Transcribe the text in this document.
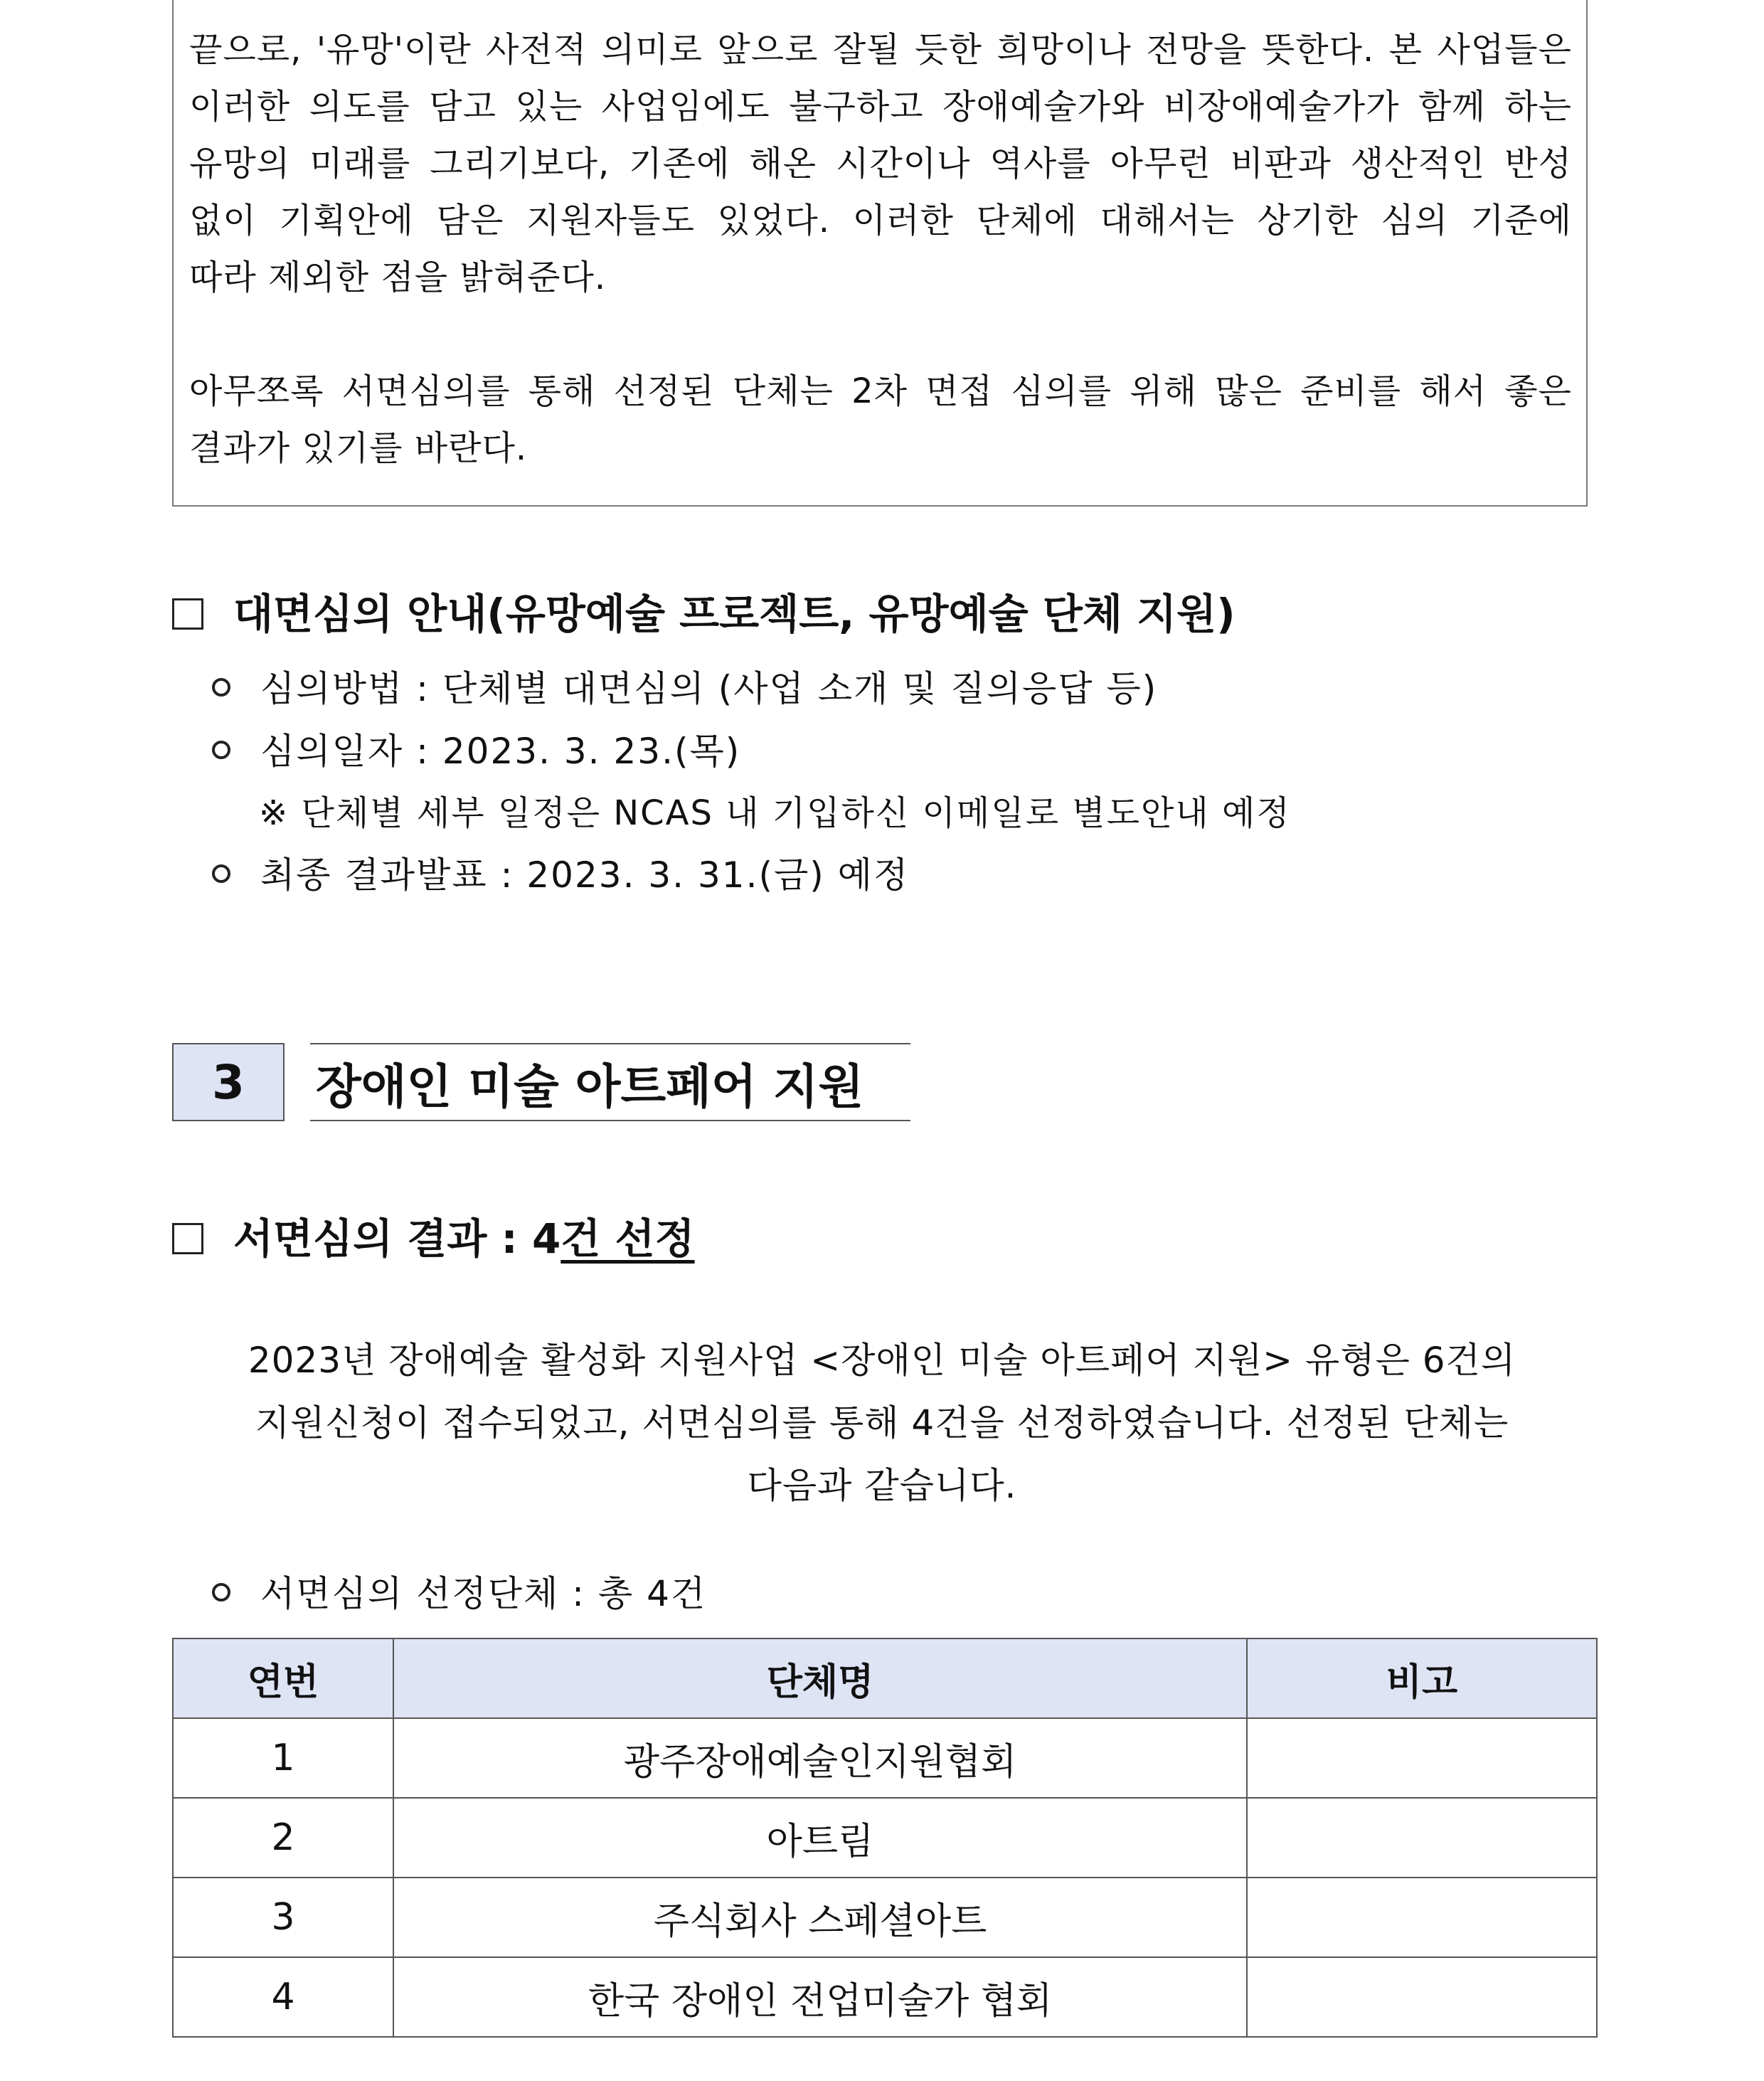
끝으로, '유망'이란 사전적 의미로 앞으로 잘될 듯한 희망이나 전망을 뜻한다. 본 사업들은
이러한 의도를 담고 있는 사업임에도 불구하고 장애예술가와 비장애예술가가 함께 하는
유망의 미래를 그리기보다, 기존에 해온 시간이나 역사를 아무런 비판과 생산적인 반성
없이 기획안에 담은 지원자들도 있었다. 이러한 단체에 대해서는 상기한 심의 기준에
따라 제외한 점을 밝혀준다.
아무쪼록 서면심의를 통해 선정된 단체는 2차 면접 심의를 위해 많은 준비를 해서 좋은
결과가 있기를 바란다.
대면심의 안내(유망예술 프로젝트, 유망예술 단체 지원)
심의방법 : 단체별 대면심의 (사업 소개 및 질의응답 등)
심의일자 : 2023. 3. 23.(목)
※ 단체별 세부 일정은 NCAS 내 기입하신 이메일로 별도안내 예정
최종 결과발표 : 2023. 3. 31.(금) 예정
3	장애인 미술 아트페어 지원
서면심의 결과 : 4건 선정
2023년 장애예술 활성화 지원사업 <장애인 미술 아트페어 지원> 유형은 6건의
지원신청이 접수되었고, 서면심의를 통해 4건을 선정하였습니다. 선정된 단체는
다음과 같습니다.
서면심의 선정단체 : 총 4건
연번	단체명	비고
1	광주장애예술인지원협회	
2	아트림	
3	주식회사 스페셜아트	
4	한국 장애인 전업미술가 협회	
